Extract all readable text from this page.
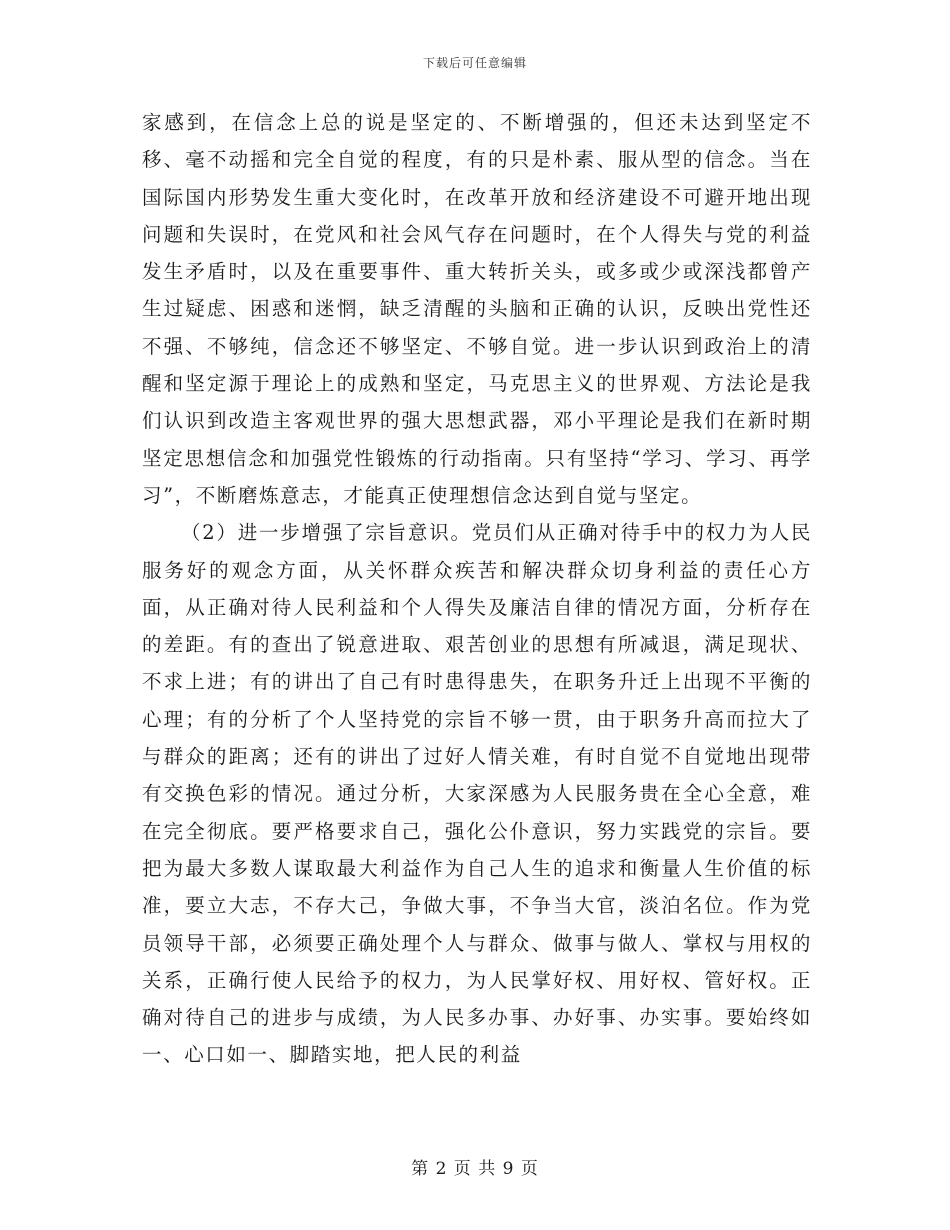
下载后可任意编辑

家感到，在信念上总的说是坚定的、不断增强的，但还未达到坚定不移、毫不动摇和完全自觉的程度，有的只是朴素、服从型的信念。当在国际国内形势发生重大变化时，在改革开放和经济建设不可避开地出现问题和失误时，在党风和社会风气存在问题时，在个人得失与党的利益发生矛盾时，以及在重要事件、重大转折关头，或多或少或深浅都曾产生过疑虑、困惑和迷惘，缺乏清醒的头脑和正确的认识，反映出党性还不强、不够纯，信念还不够坚定、不够自觉。进一步认识到政治上的清醒和坚定源于理论上的成熟和坚定，马克思主义的世界观、方法论是我们认识到改造主客观世界的强大思想武器，邓小平理论是我们在新时期坚定思想信念和加强党性锻炼的行动指南。只有坚持“学习、学习、再学习”，不断磨炼意志，才能真正使理想信念达到自觉与坚定。

（2）进一步增强了宗旨意识。党员们从正确对待手中的权力为人民服务好的观念方面，从关怀群众疾苦和解决群众切身利益的责任心方面，从正确对待人民利益和个人得失及廉洁自律的情况方面，分析存在的差距。有的查出了锐意进取、艰苦创业的思想有所减退，满足现状、不求上进；有的讲出了自己有时患得患失，在职务升迁上出现不平衡的心理；有的分析了个人坚持党的宗旨不够一贯，由于职务升高而拉大了与群众的距离；还有的讲出了过好人情关难，有时自觉不自觉地出现带有交换色彩的情况。通过分析，大家深感为人民服务贵在全心全意，难在完全彻底。要严格要求自己，强化公仆意识，努力实践党的宗旨。要把为最大多数人谋取最大利益作为自己人生的追求和衡量人生价值的标准，要立大志，不存大己，争做大事，不争当大官，淡泊名位。作为党员领导干部，必须要正确处理个人与群众、做事与做人、掌权与用权的关系，正确行使人民给予的权力，为人民掌好权、用好权、管好权。正确对待自己的进步与成绩，为人民多办事、办好事、办实事。要始终如一、心口如一、脚踏实地，把人民的利益

第 2 页 共 9 页
